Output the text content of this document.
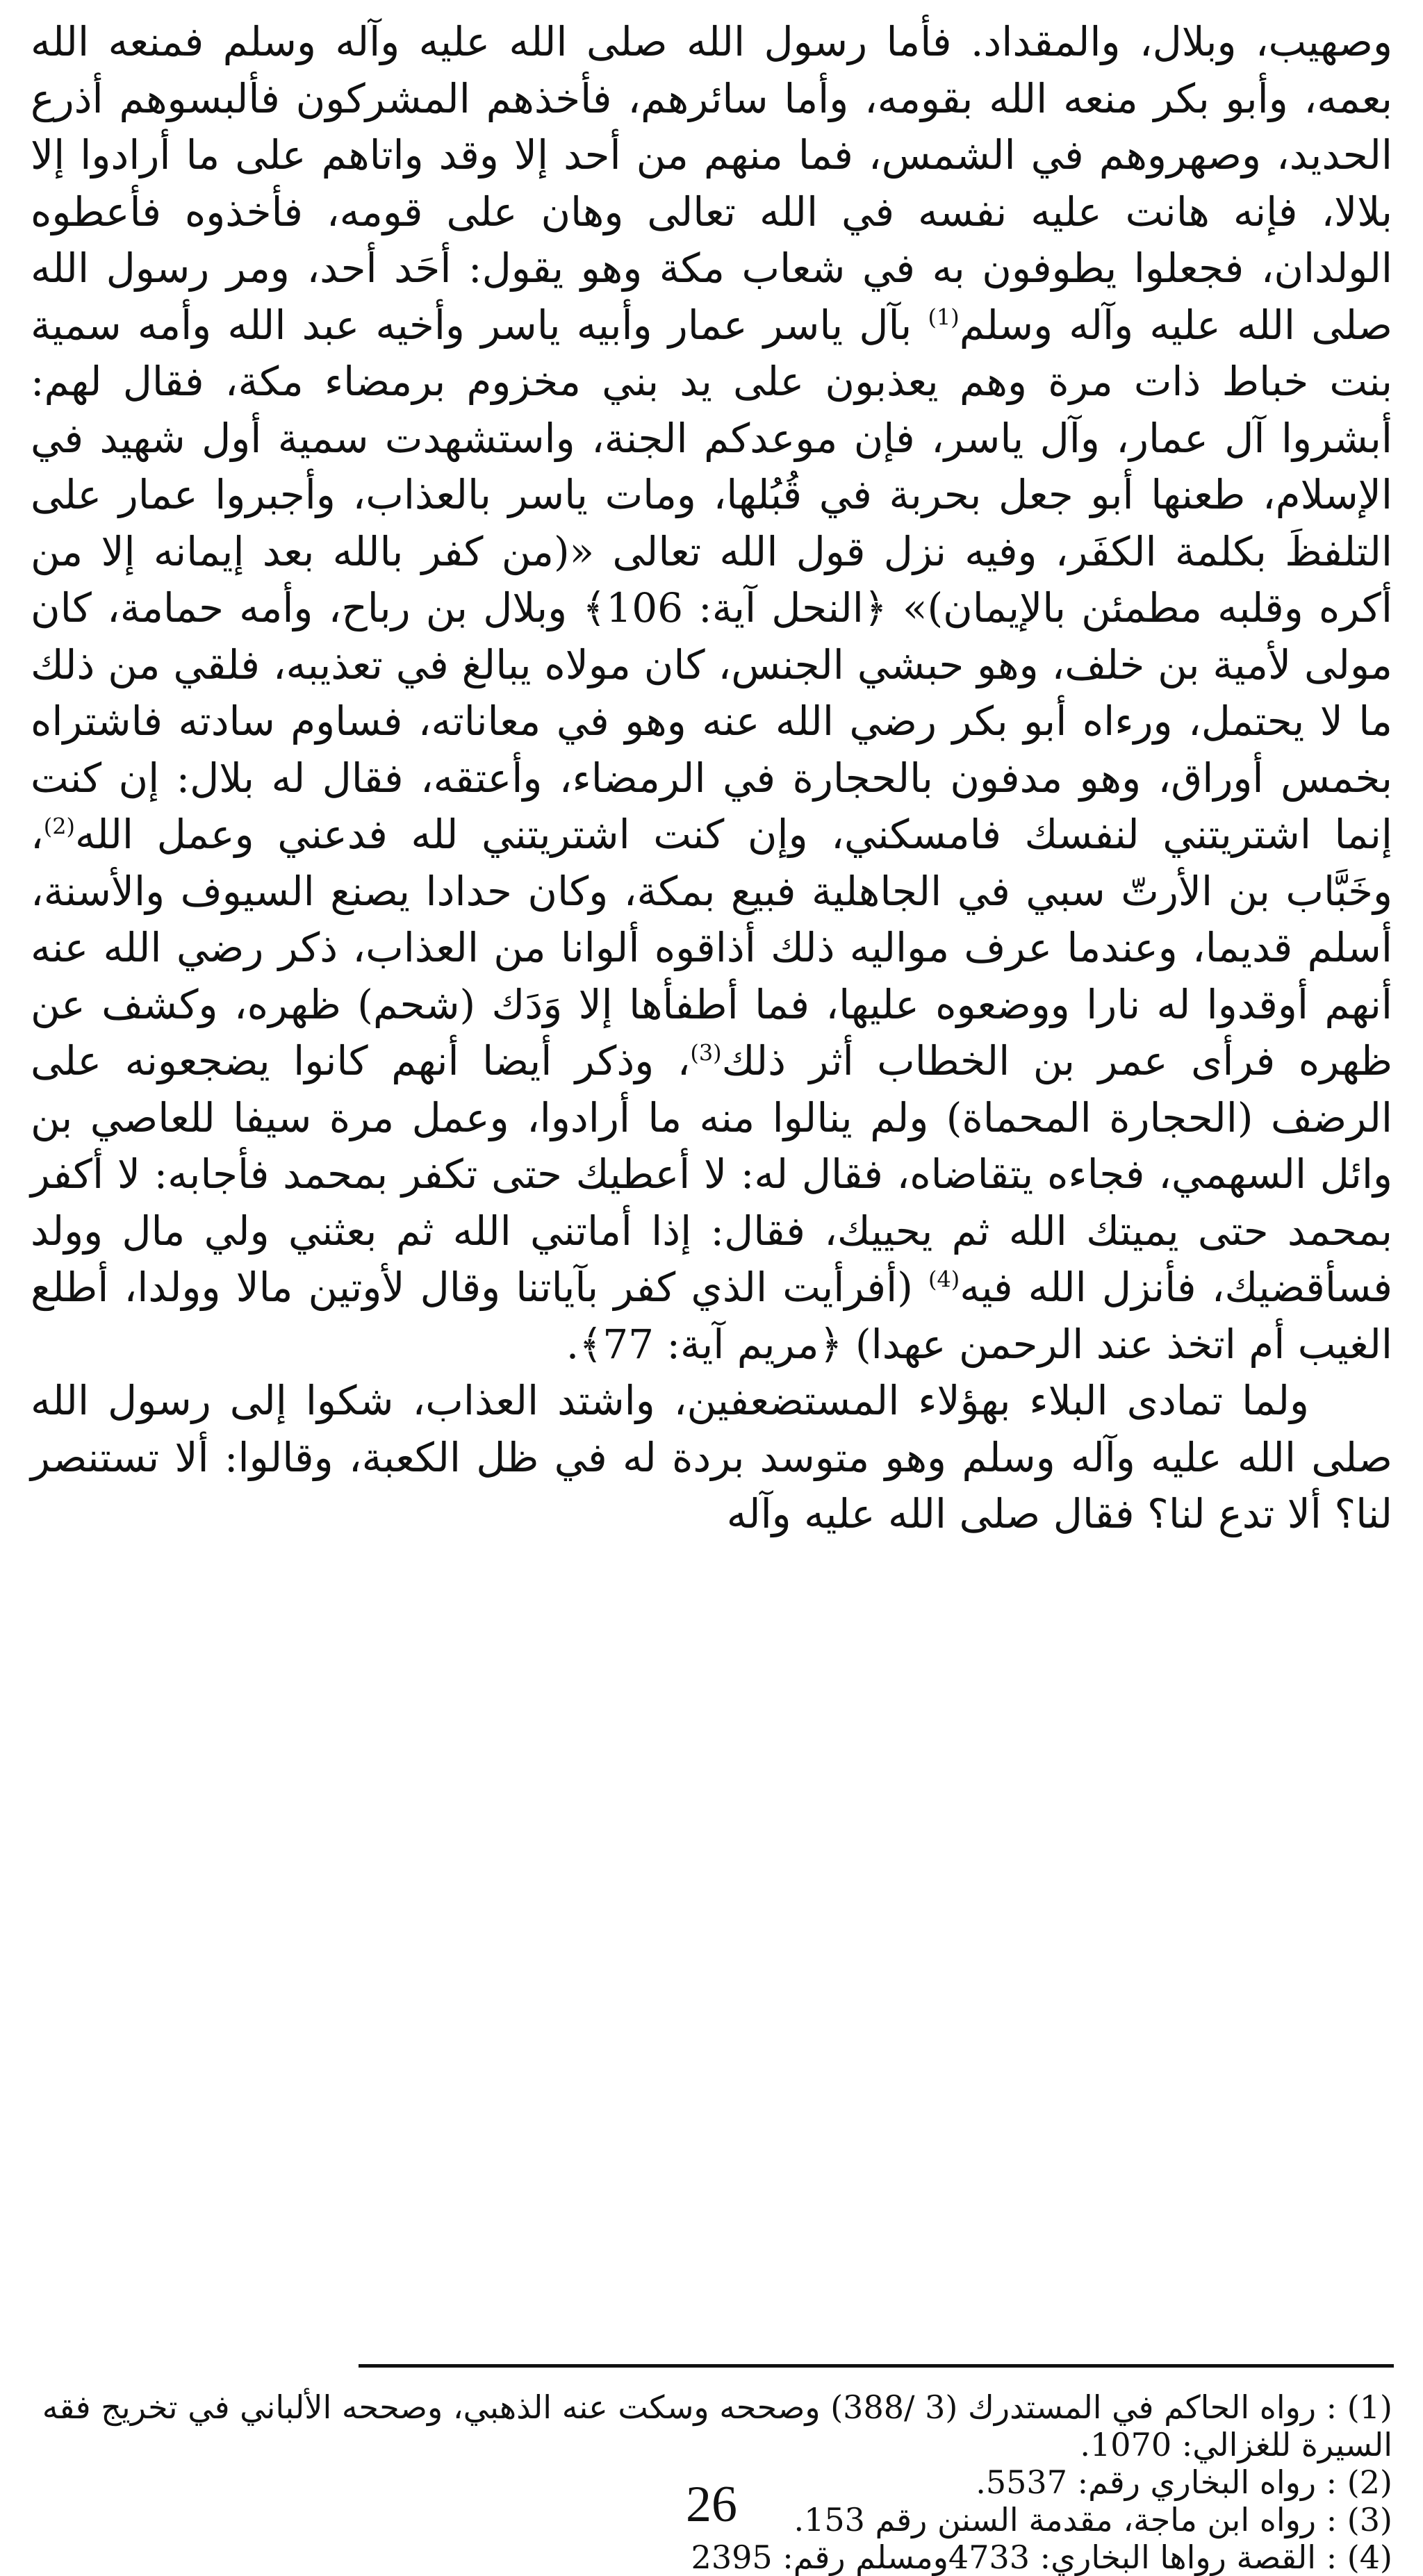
وصهيب، وبلال، والمقداد. فأما رسول الله صلى الله عليه وآله وسلم فمنعه الله بعمه، وأبو بكر منعه الله بقومه، وأما سائرهم، فأخذهم المشركون فألبسوهم أذرع الحديد، وصهروهم في الشمس، فما منهم من أحد إلا وقد واتاهم على ما أرادوا إلا بلالا، فإنه هانت عليه نفسه في الله تعالى وهان على قومه، فأخذوه فأعطوه الولدان، فجعلوا يطوفون به في شعاب مكة وهو يقول: أحَد أحد، ومر رسول الله صلى الله عليه وآله وسلم$^{(1)}$ بآل ياسر عمار وأبيه ياسر وأخيه عبد الله وأمه سمية بنت خباط ذات مرة وهم يعذبون على يد بني مخزوم برمضاء مكة، فقال لهم: أبشروا آل عمار، وآل ياسر، فإن موعدكم الجنة، واستشهدت سمية أول شهيد في الإسلام، طعنها أبو جعل بحربة في قُبُلها، ومات ياسر بالعذاب، وأجبروا عمار على التلفظَ بكلمة الكفَر، وفيه نزل قول الله تعالى «(من كفر بالله بعد إيمانه إلا من أكره وقلبه مطمئن بالإيمان)» ﴿النحل آية: 106﴾ وبلال بن رباح، وأمه حمامة، كان مولى لأمية بن خلف، وهو حبشي الجنس، كان مولاه يبالغ في تعذيبه، فلقي من ذلك ما لا يحتمل، ورءاه أبو بكر رضي الله عنه وهو في معاناته، فساوم سادته فاشتراه بخمس أوراق، وهو مدفون بالحجارة في الرمضاء، وأعتقه، فقال له بلال: إن كنت إنما اشتريتني لنفسك فامسكني، وإن كنت اشتريتني لله فدعني وعمل الله$^{(2)}$، وخَبَّاب بن الأرتّ سبي في الجاهلية فبيع بمكة، وكان حدادا يصنع السيوف والأسنة، أسلم قديما، وعندما عرف مواليه ذلك أذاقوه ألوانا من العذاب، ذكر رضي الله عنه أنهم أوقدوا له نارا ووضعوه عليها، فما أطفأها إلا وَدَك (شحم) ظهره، وكشف عن ظهره فرأى عمر بن الخطاب أثر ذلك$^{(3)}$، وذكر أيضا أنهم كانوا يضجعونه على الرضف (الحجارة المحماة) ولم ينالوا منه ما أرادوا، وعمل مرة سيفا للعاصي بن وائل السهمي، فجاءه يتقاضاه، فقال له: لا أعطيك حتى تكفر بمحمد فأجابه: لا أكفر بمحمد حتى يميتك الله ثم يحييك، فقال: إذا أماتني الله ثم بعثني ولي مال وولد فسأقضيك، فأنزل الله فيه$^{(4)}$ (أفرأيت الذي كفر بآياتنا وقال لأوتين مالا وولدا، أطلع الغيب أم اتخذ عند الرحمن عهدا) ﴿مريم آية: 77﴾.

ولما تمادى البلاء بهؤلاء المستضعفين، واشتد العذاب، شكوا إلى رسول الله صلى الله عليه وآله وسلم وهو متوسد بردة له في ظل الكعبة، وقالوا: ألا تستنصر لنا؟ ألا تدع لنا؟ فقال صلى الله عليه وآله

(1) : رواه الحاكم في المستدرك (3 /388) وصححه وسكت عنه الذهبي، وصححه الألباني في تخريج فقه السيرة للغزالي: 1070.

(2) : رواه البخاري رقم: 5537.

(3) : رواه ابن ماجة، مقدمة السنن رقم 153.

(4) : القصة رواها البخاري: 4733ومسلم رقم: 2395

26
